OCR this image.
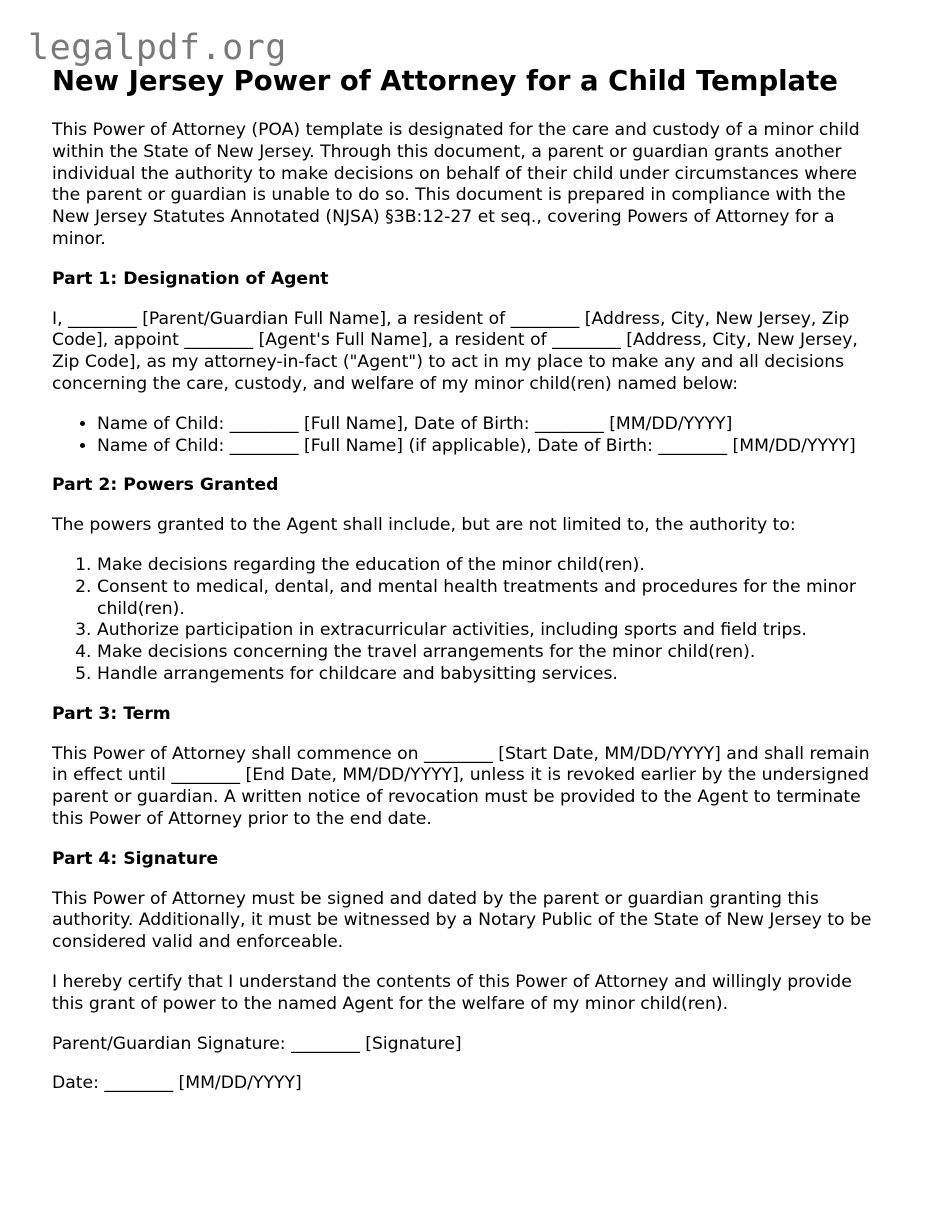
legalpdf.org
New Jersey Power of Attorney for a Child Template

This Power of Attorney (POA) template is designated for the care and custody of a minor child within the State of New Jersey. Through this document, a parent or guardian grants another individual the authority to make decisions on behalf of their child under circumstances where the parent or guardian is unable to do so. This document is prepared in compliance with the New Jersey Statutes Annotated (NJSA) §3B:12-27 et seq., covering Powers of Attorney for a minor.

Part 1: Designation of Agent

I, ________ [Parent/Guardian Full Name], a resident of ________ [Address, City, New Jersey, Zip Code], appoint ________ [Agent's Full Name], a resident of ________ [Address, City, New Jersey, Zip Code], as my attorney-in-fact ("Agent") to act in my place to make any and all decisions concerning the care, custody, and welfare of my minor child(ren) named below:

• Name of Child: ________ [Full Name], Date of Birth: ________ [MM/DD/YYYY]
• Name of Child: ________ [Full Name] (if applicable), Date of Birth: ________ [MM/DD/YYYY]
Part 2: Powers Granted

The powers granted to the Agent shall include, but are not limited to, the authority to:

1. Make decisions regarding the education of the minor child(ren).
2. Consent to medical, dental, and mental health treatments and procedures for the minor child(ren).
3. Authorize participation in extracurricular activities, including sports and field trips.
4. Make decisions concerning the travel arrangements for the minor child(ren).
5. Handle arrangements for childcare and babysitting services.
Part 3: Term

This Power of Attorney shall commence on ________ [Start Date, MM/DD/YYYY] and shall remain in effect until ________ [End Date, MM/DD/YYYY], unless it is revoked earlier by the undersigned parent or guardian. A written notice of revocation must be provided to the Agent to terminate this Power of Attorney prior to the end date.

Part 4: Signature

This Power of Attorney must be signed and dated by the parent or guardian granting this authority. Additionally, it must be witnessed by a Notary Public of the State of New Jersey to be considered valid and enforceable.

I hereby certify that I understand the contents of this Power of Attorney and willingly provide this grant of power to the named Agent for the welfare of my minor child(ren).

Parent/Guardian Signature: ________ [Signature]

Date: ________ [MM/DD/YYYY]
